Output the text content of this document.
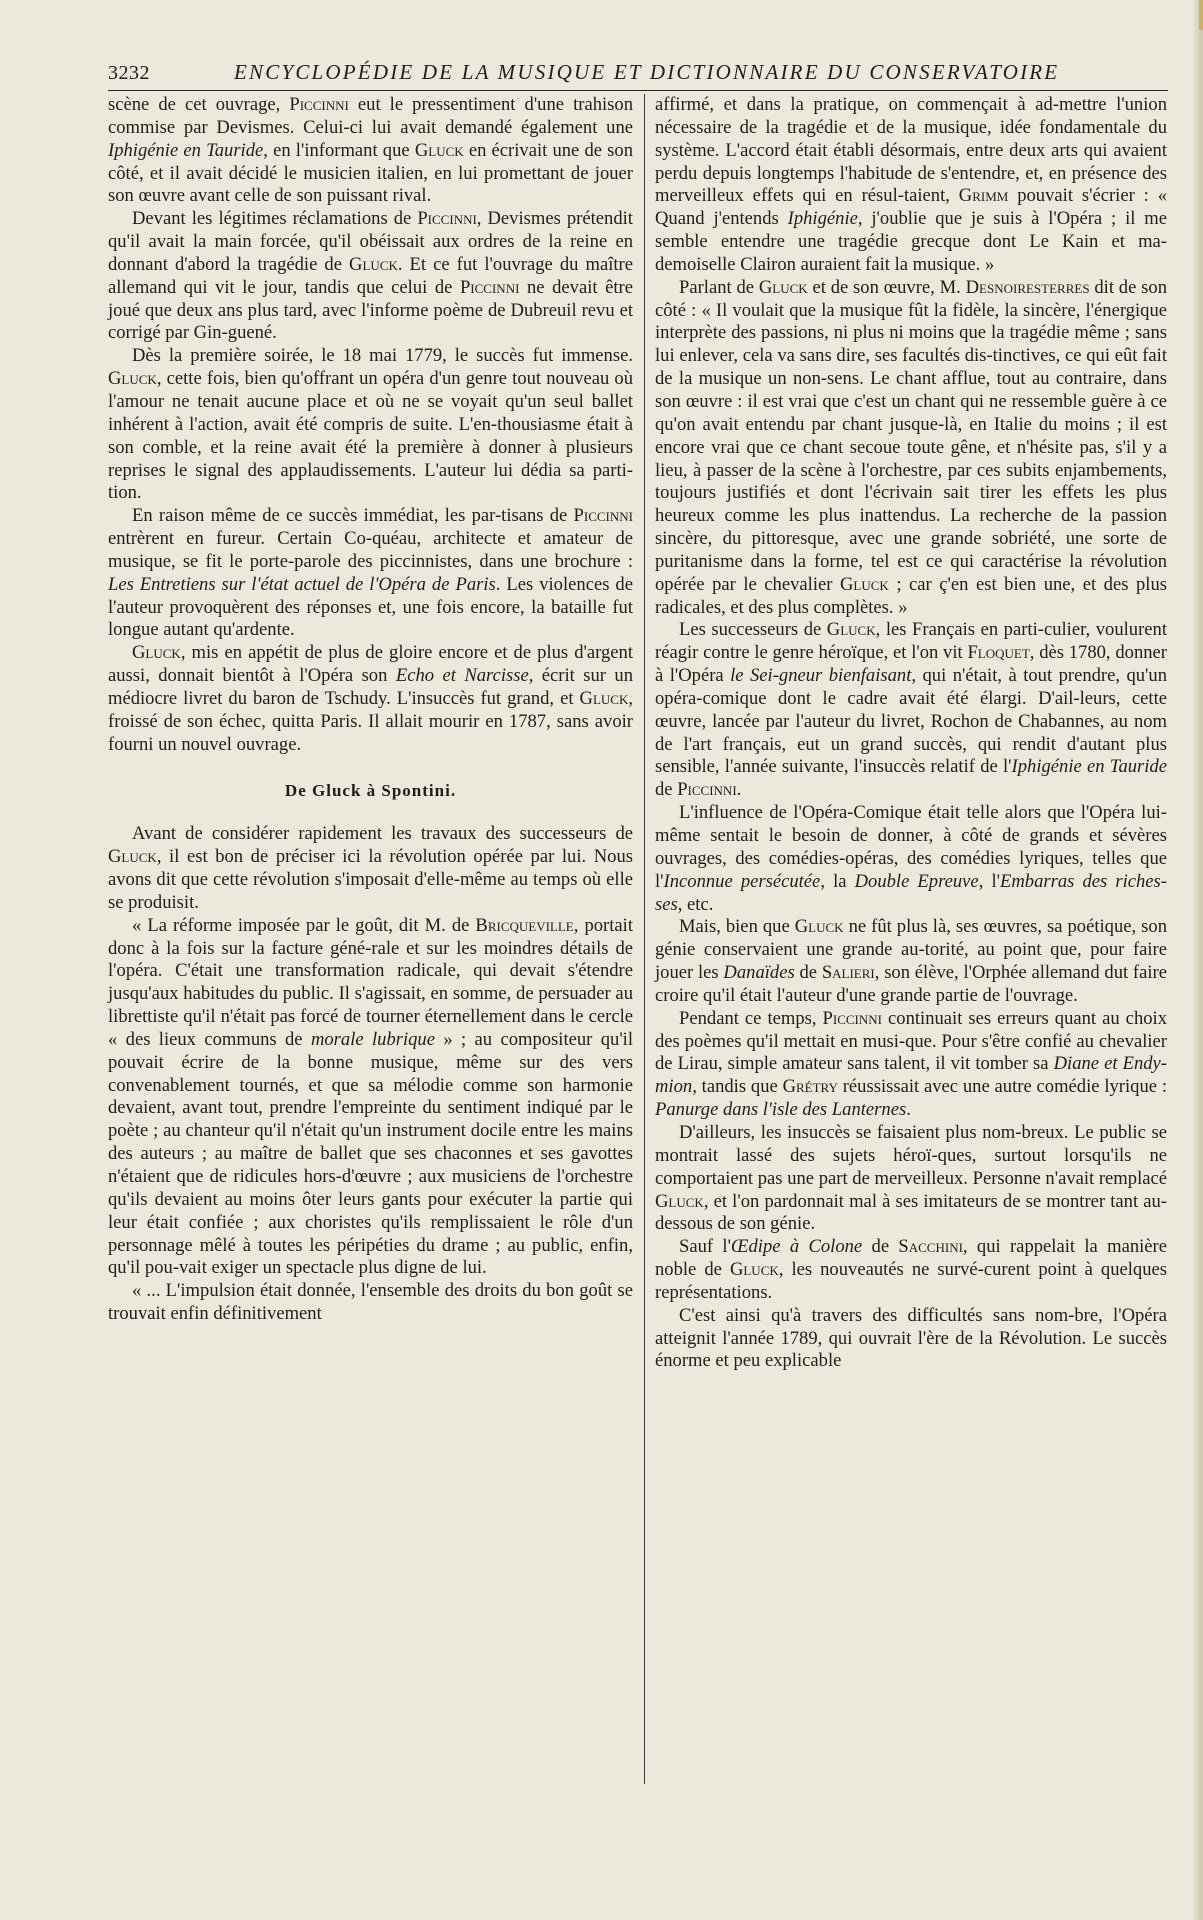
3232	ENCYCLOPÉDIE DE LA MUSIQUE ET DICTIONNAIRE DU CONSERVATOIRE

scène de cet ouvrage, Piccinni eut le pressentiment d'une trahison commise par Devismes. Celui-ci lui avait demandé également une Iphigénie en Tauride, en l'informant que Gluck en écrivait une de son côté, et il avait décidé le musicien italien, en lui promettant de jouer son œuvre avant celle de son puissant rival.

Devant les légitimes réclamations de Piccinni, Devismes prétendit qu'il avait la main forcée, qu'il obéissait aux ordres de la reine en donnant d'abord la tragédie de Gluck. Et ce fut l'ouvrage du maître allemand qui vit le jour, tandis que celui de Piccinni ne devait être joué que deux ans plus tard, avec l'informe poème de Dubreuil revu et corrigé par Gin-guené.

Dès la première soirée, le 18 mai 1779, le succès fut immense. Gluck, cette fois, bien qu'offrant un opéra d'un genre tout nouveau où l'amour ne tenait aucune place et où ne se voyait qu'un seul ballet inhérent à l'action, avait été compris de suite. L'en-thousiasme était à son comble, et la reine avait été la première à donner à plusieurs reprises le signal des applaudissements. L'auteur lui dédia sa parti-tion.

En raison même de ce succès immédiat, les par-tisans de Piccinni entrèrent en fureur. Certain Co-quéau, architecte et amateur de musique, se fit le porte-parole des piccinnistes, dans une brochure : Les Entretiens sur l'état actuel de l'Opéra de Paris. Les violences de l'auteur provoquèrent des réponses et, une fois encore, la bataille fut longue autant qu'ardente.

Gluck, mis en appétit de plus de gloire encore et de plus d'argent aussi, donnait bientôt à l'Opéra son Echo et Narcisse, écrit sur un médiocre livret du baron de Tschudy. L'insuccès fut grand, et Gluck, froissé de son échec, quitta Paris. Il allait mourir en 1787, sans avoir fourni un nouvel ouvrage.

De Gluck à Spontini.

Avant de considérer rapidement les travaux des successeurs de Gluck, il est bon de préciser ici la révolution opérée par lui. Nous avons dit que cette révolution s'imposait d'elle-même au temps où elle se produisit.

« La réforme imposée par le goût, dit M. de Bricqueville, portait donc à la fois sur la facture géné-rale et sur les moindres détails de l'opéra. C'était une transformation radicale, qui devait s'étendre jusqu'aux habitudes du public. Il s'agissait, en somme, de persuader au librettiste qu'il n'était pas forcé de tourner éternellement dans le cercle « des lieux communs de morale lubrique » ; au compositeur qu'il pouvait écrire de la bonne musique, même sur des vers convenablement tournés, et que sa mélodie comme son harmonie devaient, avant tout, prendre l'empreinte du sentiment indiqué par le poète ; au chanteur qu'il n'était qu'un instrument docile entre les mains des auteurs ; au maître de ballet que ses chaconnes et ses gavottes n'étaient que de ridicules hors-d'œuvre ; aux musiciens de l'orchestre qu'ils devaient au moins ôter leurs gants pour exécuter la partie qui leur était confiée ; aux choristes qu'ils remplissaient le rôle d'un personnage mêlé à toutes les péripéties du drame ; au public, enfin, qu'il pou-vait exiger un spectacle plus digne de lui.

« ... L'impulsion était donnée, l'ensemble des droits du bon goût se trouvait enfin définitivement

affirmé, et dans la pratique, on commençait à ad-mettre l'union nécessaire de la tragédie et de la musique, idée fondamentale du système. L'accord était établi désormais, entre deux arts qui avaient perdu depuis longtemps l'habitude de s'entendre, et, en présence des merveilleux effets qui en résul-taient, Grimm pouvait s'écrier : « Quand j'entends Iphigénie, j'oublie que je suis à l'Opéra ; il me semble entendre une tragédie grecque dont Le Kain et ma-demoiselle Clairon auraient fait la musique. »

Parlant de Gluck et de son œuvre, M. Desnoiresterres dit de son côté : « Il voulait que la musique fût la fidèle, la sincère, l'énergique interprète des passions, ni plus ni moins que la tragédie même ; sans lui enlever, cela va sans dire, ses facultés dis-tinctives, ce qui eût fait de la musique un non-sens. Le chant afflue, tout au contraire, dans son œuvre : il est vrai que c'est un chant qui ne ressemble guère à ce qu'on avait entendu par chant jusque-là, en Italie du moins ; il est encore vrai que ce chant secoue toute gêne, et n'hésite pas, s'il y a lieu, à passer de la scène à l'orchestre, par ces subits enjambements, toujours justifiés et dont l'écrivain sait tirer les effets les plus heureux comme les plus inattendus. La recherche de la passion sincère, du pittoresque, avec une grande sobriété, une sorte de puritanisme dans la forme, tel est ce qui caractérise la révolution opérée par le chevalier Gluck ; car ç'en est bien une, et des plus radicales, et des plus complètes. »

Les successeurs de Gluck, les Français en parti-culier, voulurent réagir contre le genre héroïque, et l'on vit Floquet, dès 1780, donner à l'Opéra le Sei-gneur bienfaisant, qui n'était, à tout prendre, qu'un opéra-comique dont le cadre avait été élargi. D'ail-leurs, cette œuvre, lancée par l'auteur du livret, Rochon de Chabannes, au nom de l'art français, eut un grand succès, qui rendit d'autant plus sensible, l'année suivante, l'insuccès relatif de l'Iphigénie en Tauride de Piccinni.

L'influence de l'Opéra-Comique était telle alors que l'Opéra lui-même sentait le besoin de donner, à côté de grands et sévères ouvrages, des comédies-opéras, des comédies lyriques, telles que l'Inconnue persécutée, la Double Epreuve, l'Embarras des riches-ses, etc.

Mais, bien que Gluck ne fût plus là, ses œuvres, sa poétique, son génie conservaient une grande au-torité, au point que, pour faire jouer les Danaïdes de Salieri, son élève, l'Orphée allemand dut faire croire qu'il était l'auteur d'une grande partie de l'ouvrage.

Pendant ce temps, Piccinni continuait ses erreurs quant au choix des poèmes qu'il mettait en musi-que. Pour s'être confié au chevalier de Lirau, simple amateur sans talent, il vit tomber sa Diane et Endy-mion, tandis que Grétry réussissait avec une autre comédie lyrique : Panurge dans l'isle des Lanternes.

D'ailleurs, les insuccès se faisaient plus nom-breux. Le public se montrait lassé des sujets héroï-ques, surtout lorsqu'ils ne comportaient pas une part de merveilleux. Personne n'avait remplacé Gluck, et l'on pardonnait mal à ses imitateurs de se montrer tant au-dessous de son génie.

Sauf l'Œdipe à Colone de Sacchini, qui rappelait la manière noble de Gluck, les nouveautés ne survé-curent point à quelques représentations.

C'est ainsi qu'à travers des difficultés sans nom-bre, l'Opéra atteignit l'année 1789, qui ouvrait l'ère de la Révolution. Le succès énorme et peu explicable
